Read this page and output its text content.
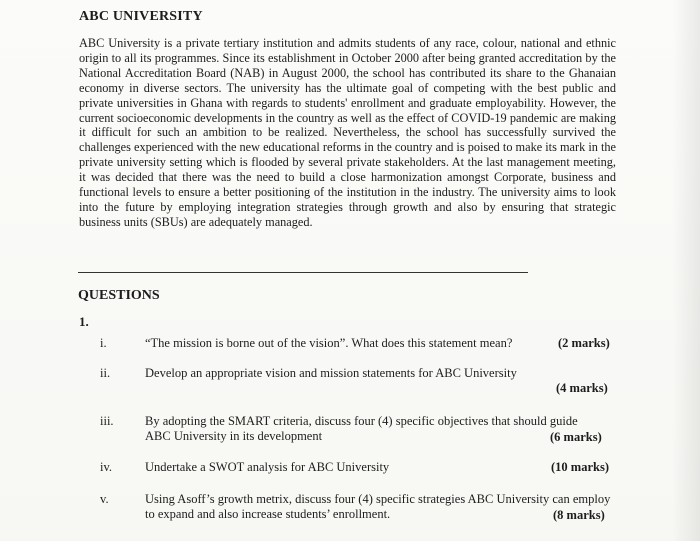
ABC UNIVERSITY
ABC University is a private tertiary institution and admits students of any race, colour, national and ethnic origin to all its programmes. Since its establishment in October 2000 after being granted accreditation by the National Accreditation Board (NAB) in August 2000, the school has contributed its share to the Ghanaian economy in diverse sectors. The university has the ultimate goal of competing with the best public and private universities in Ghana with regards to students' enrollment and graduate employability. However, the current socioeconomic developments in the country as well as the effect of COVID-19 pandemic are making it difficult for such an ambition to be realized. Nevertheless, the school has successfully survived the challenges experienced with the new educational reforms in the country and is poised to make its mark in the private university setting which is flooded by several private stakeholders. At the last management meeting, it was decided that there was the need to build a close harmonization amongst Corporate, business and functional levels to ensure a better positioning of the institution in the industry. The university aims to look into the future by employing integration strategies through growth and also by ensuring that strategic business units (SBUs) are adequately managed.
QUESTIONS
1.
i.	“The mission is borne out of the vision”. What does this statement mean?	(2 marks)
ii.	Develop an appropriate vision and mission statements for ABC University
(4 marks)
iii.	By adopting the SMART criteria, discuss four (4) specific objectives that should guide ABC University in its development	(6 marks)
iv.	Undertake a SWOT analysis for ABC University	(10 marks)
v.	Using Asoff’s growth metrix, discuss four (4) specific strategies ABC University can employ to expand and also increase students’ enrollment.	(8 marks)
